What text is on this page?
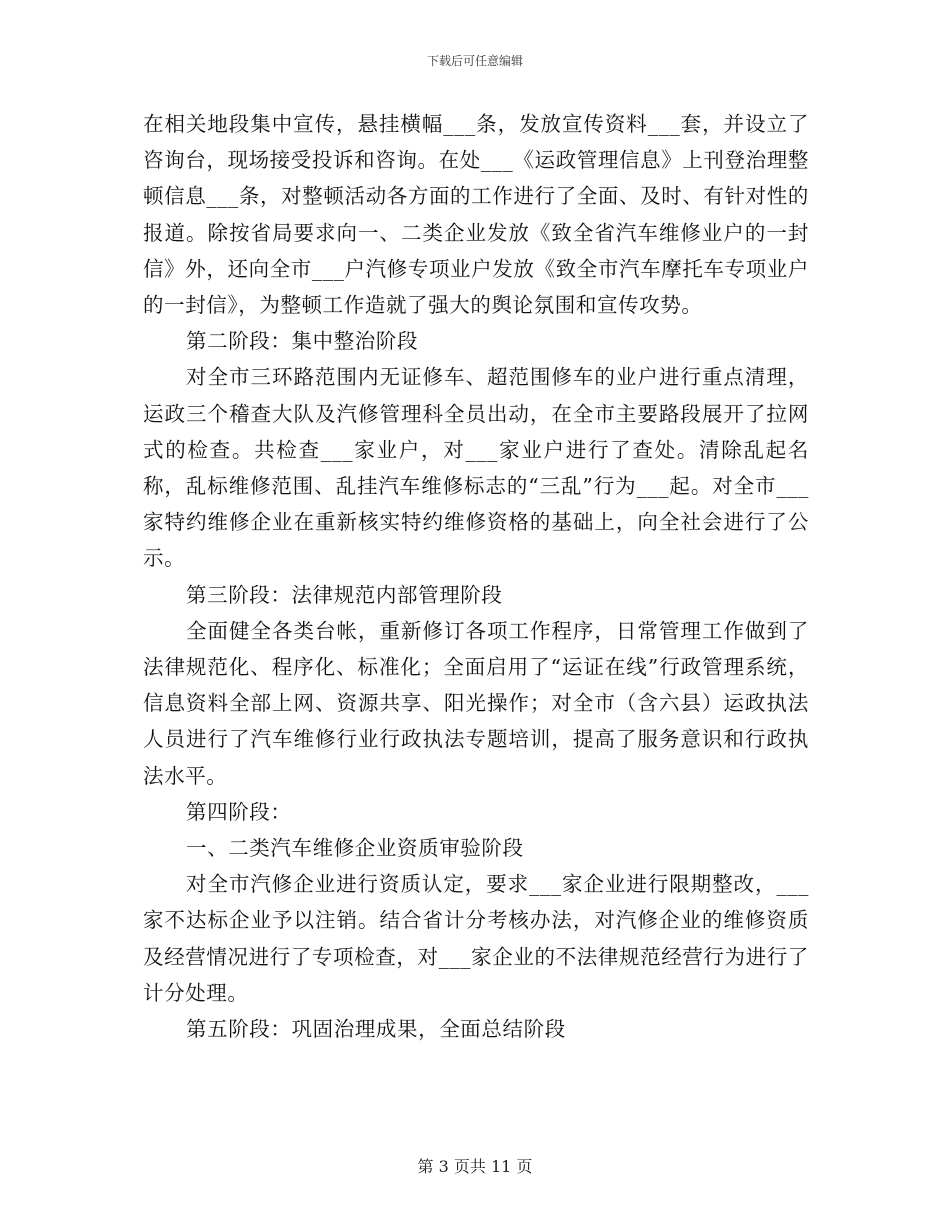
下载后可任意编辑

在相关地段集中宣传，悬挂横幅___条，发放宣传资料___套，并设立了咨询台，现场接受投诉和咨询。在处___《运政管理信息》上刊登治理整顿信息___条，对整顿活动各方面的工作进行了全面、及时、有针对性的报道。除按省局要求向一、二类企业发放《致全省汽车维修业户的一封信》外，还向全市___户汽修专项业户发放《致全市汽车摩托车专项业户的一封信》，为整顿工作造就了强大的舆论氛围和宣传攻势。

第二阶段：集中整治阶段

对全市三环路范围内无证修车、超范围修车的业户进行重点清理，运政三个稽查大队及汽修管理科全员出动，在全市主要路段展开了拉网式的检查。共检查___家业户，对___家业户进行了查处。清除乱起名称，乱标维修范围、乱挂汽车维修标志的“三乱”行为___起。对全市___家特约维修企业在重新核实特约维修资格的基础上，向全社会进行了公示。

第三阶段：法律规范内部管理阶段

全面健全各类台帐，重新修订各项工作程序，日常管理工作做到了法律规范化、程序化、标准化；全面启用了“运证在线”行政管理系统，信息资料全部上网、资源共享、阳光操作；对全市（含六县）运政执法人员进行了汽车维修行业行政执法专题培训，提高了服务意识和行政执法水平。

第四阶段：

一、二类汽车维修企业资质审验阶段

对全市汽修企业进行资质认定，要求___家企业进行限期整改，___家不达标企业予以注销。结合省计分考核办法，对汽修企业的维修资质及经营情况进行了专项检查，对___家企业的不法律规范经营行为进行了计分处理。

第五阶段：巩固治理成果，全面总结阶段

第 3 页共 11 页
